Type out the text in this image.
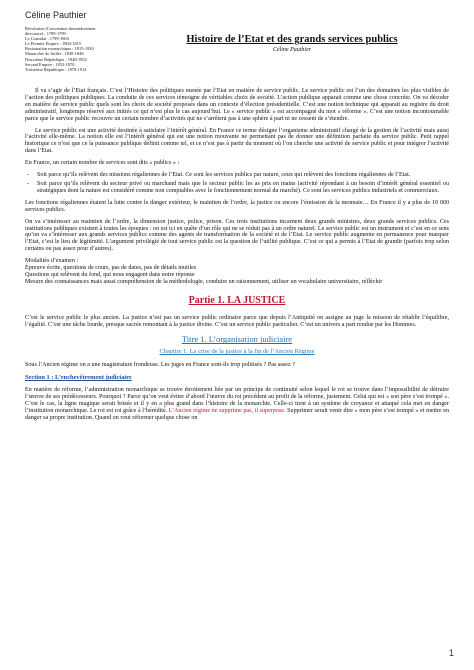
Céline Pauthier
Révolution (Convention thermidorienne
directoire) : 1789-1799
Le Consulat : 1799-1804
Le Premier Empire : 1804-1815
Restauration monarchique : 1815-1830
Monarchie de Juillet : 1830-1848
Deuxième République : 1848-1852
Second Empire : 1852-1870
Troisième République : 1870-1914
Histoire de l’Etat et des grands services publics
Céline Pauthier

Il va s’agir de l’Etat français. C’est l’Histoire des politiques menée par l’Etat en matière de service public. Le service public est l’un des domaines les plus visibles de l’action des politiques publiques. La conduite de ces services témoigne de véritables choix de société. L’action publique apparait comme une chose concrète. On va décoder en matière de service public quels sont les choix de société proposés dans un contexte d’élection présidentielle. C’est une notion technique qui apparait au registre du droit administratif, longtemps réservé aux initiés ce qui n’est plus le cas aujourd’hui. Le « service public » est accompagné du mot « réforme ». C’est une notion incontournable parce que le service public recouvre un certain nombre d’activités qui ne s’arrêtent pas à une sphère à part ni ne cessent de s’étendre.

Le service public est une activité destinée à satisfaire l’intérêt général. En France ce terme désigne l’organisme administratif chargé de la gestion de l’activité mais aussi l’activité elle-même. La notion elle est l’intérêt général qui est une notion mouvante ne permettant pas de donner une définition parfaite du service public. Petit rappel historique ce n’est que ce la puissance publique définit comme tel, et ce n’est pas à partir du moment où l’on cherche une activité de service public et pour intégrer l’activité dans l’Etat.

En France, un certain nombre de services sont dits « publics » :

- Soit parce qu’ils relèvent des missions régaliennes de l’Etat. Ce sont les services publics par nature, ceux qui relèvent des fonctions régaliennes de l’Etat.
- Soit parce qu’ils relèvent du secteur privé ou marchand mais que le secteur public les as pris en mains (activité répondant à un besoin d’intérêt général essentiel ou stratégiques dont la nature est considéré comme non comptables avec le fonctionnement normal du marché). Ce sont les services publics industriels et commerciaux.

Les fonctions régaliennes étaient la lutte contre le danger extérieur, le maintien de l’ordre, la justice ou encore l’émission de la monnaie… En France il y a plus de 10 000 services publics.

On va s’intéresser au maintien de l’ordre, la dimension justice, police, prison. Ces trois institutions incarnent deux grands ministres, deux grands services publics. Ces institutions publiques existent à toutes les époques : on est ici en quête d’un rôle qui ne se réduit pas à un ordre naturel. Le service public est un instrument et c’est en ce sens qu’on va s’intéresser aux grands services publics comme des agents de transformation de la société et de l’Etat. Le service public augmente en permanence pour marquer l’Etat, c’est le lieu de légitimité. L’argument privilégié de tout service public est la question de l’utilité publique. C’est ce qui a permis à l’Etat de grandir (parfois trop selon certains ou pas assez pour d’autres).

Modalités d’examen :

Épreuve écrite, questions de cours, pas de dates, pas de détails inutiles

Questions qui relèvent du fond, qui nous engagent dans notre réponse

Mesure des connaissances mais aussi compréhension de la méthodologie, conduire un raisonnement, utiliser un vocabulaire universitaire, réfléchir

Partie 1. LA JUSTICE

C’est le service public le plus ancien. La justice n’est pas un service public ordinaire parce que depuis l’Antiquité on assigne au juge la mission de rétablir l’équilibre, l’égalité. C’est une tâche lourde, presque sacrée remontant à la justice divine. C’est un service public particulier. C’est un univers a part rendue par les Hommes.

Titre 1. L’organisation judiciaire
Chapitre 1. La crise de la justice à la fin de l’Ancien Régime

Sous l’Ancien régime on a une magistrature frondeuse. Les juges en France sont-ils trop politisés ? Pas assez ?

Section 1 : L’enchevêtrement judiciaire

En matière de réforme, l’administration monarchique se trouve étroitement liée par un principe de continuité selon lequel le roi se trouve dans l’impossibilité de détruire l’œuvre de ses prédécesseurs. Pourquoi ? Parce qu’on veut éviter d’abord l’œuvre du roi précédent au profit de la réforme, justement. Celui qui est « son père s’est trompé ». C’est le cas, la ligne magique serait brisée et il y en a plus grand dans l’histoire de la monarchie. Celle-ci tient à un système de croyance et attaqué cela met en danger l’institution monarchique. Le roi est roi grâce à l’hérédité. L’Ancien régime ne supprime pas, il superpose. Supprimer serait venir dire « mon père s’est trompé » et mettre en danger sa propre institution. Quand on veut réformer quelque chose on

1
